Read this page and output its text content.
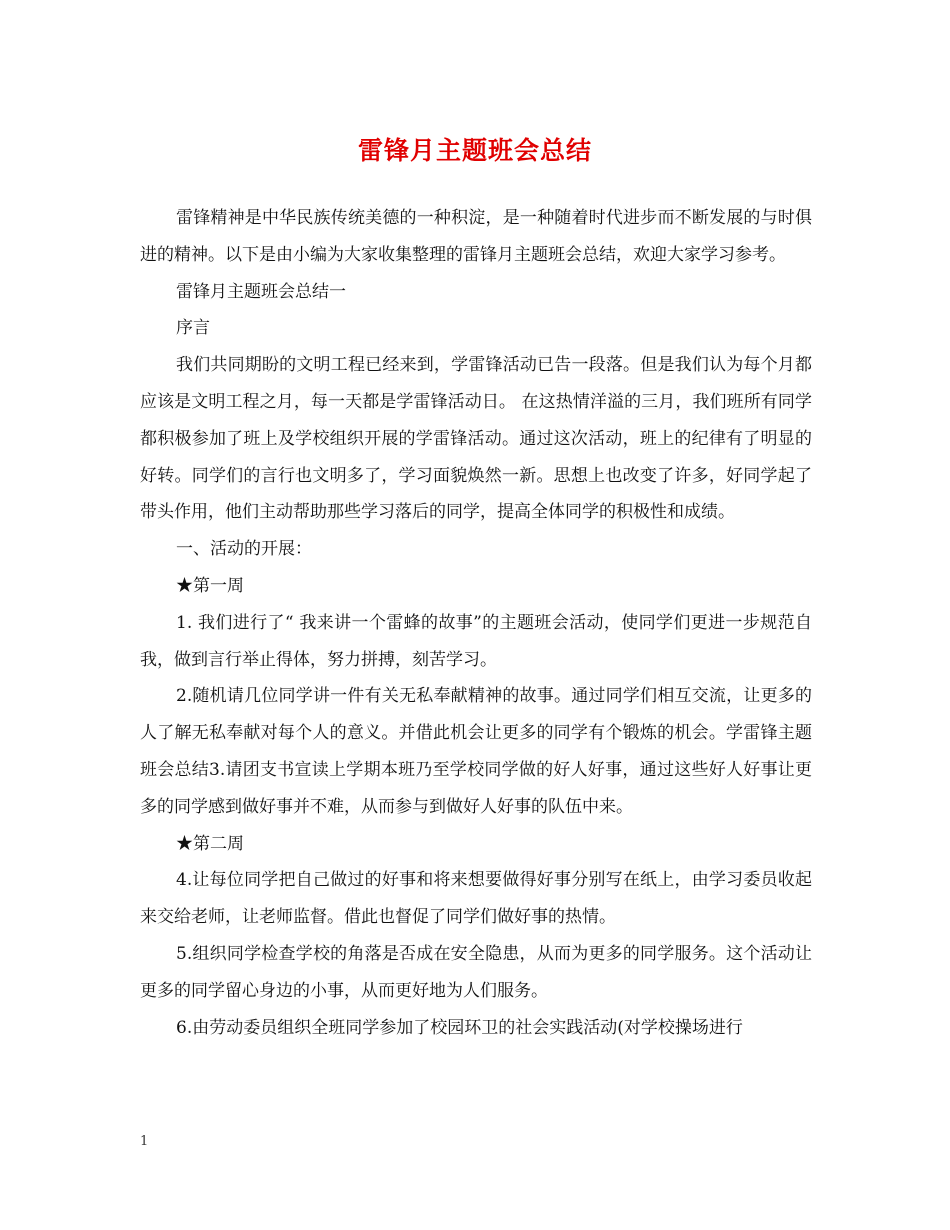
雷锋月主题班会总结

雷锋精神是中华民族传统美德的一种积淀，是一种随着时代进步而不断发展的与时俱进的精神。以下是由小编为大家收集整理的雷锋月主题班会总结，欢迎大家学习参考。

雷锋月主题班会总结一

序言

我们共同期盼的文明工程已经来到，学雷锋活动已告一段落。但是我们认为每个月都应该是文明工程之月，每一天都是学雷锋活动日。 在这热情洋溢的三月，我们班所有同学都积极参加了班上及学校组织开展的学雷锋活动。通过这次活动，班上的纪律有了明显的好转。同学们的言行也文明多了，学习面貌焕然一新。思想上也改变了许多，好同学起了带头作用，他们主动帮助那些学习落后的同学，提高全体同学的积极性和成绩。

一、活动的开展：

★第一周

1. 我们进行了“ 我来讲一个雷蜂的故事”的主题班会活动，使同学们更进一步规范自我，做到言行举止得体，努力拼搏，刻苦学习。

2.随机请几位同学讲一件有关无私奉献精神的故事。通过同学们相互交流，让更多的人了解无私奉献对每个人的意义。并借此机会让更多的同学有个锻炼的机会。学雷锋主题班会总结3.请团支书宣读上学期本班乃至学校同学做的好人好事，通过这些好人好事让更多的同学感到做好事并不难，从而参与到做好人好事的队伍中来。

★第二周

4.让每位同学把自己做过的好事和将来想要做得好事分别写在纸上，由学习委员收起来交给老师，让老师监督。借此也督促了同学们做好事的热情。

5.组织同学检查学校的角落是否成在安全隐患，从而为更多的同学服务。这个活动让更多的同学留心身边的小事，从而更好地为人们服务。

6.由劳动委员组织全班同学参加了校园环卫的社会实践活动(对学校操场进行

1
